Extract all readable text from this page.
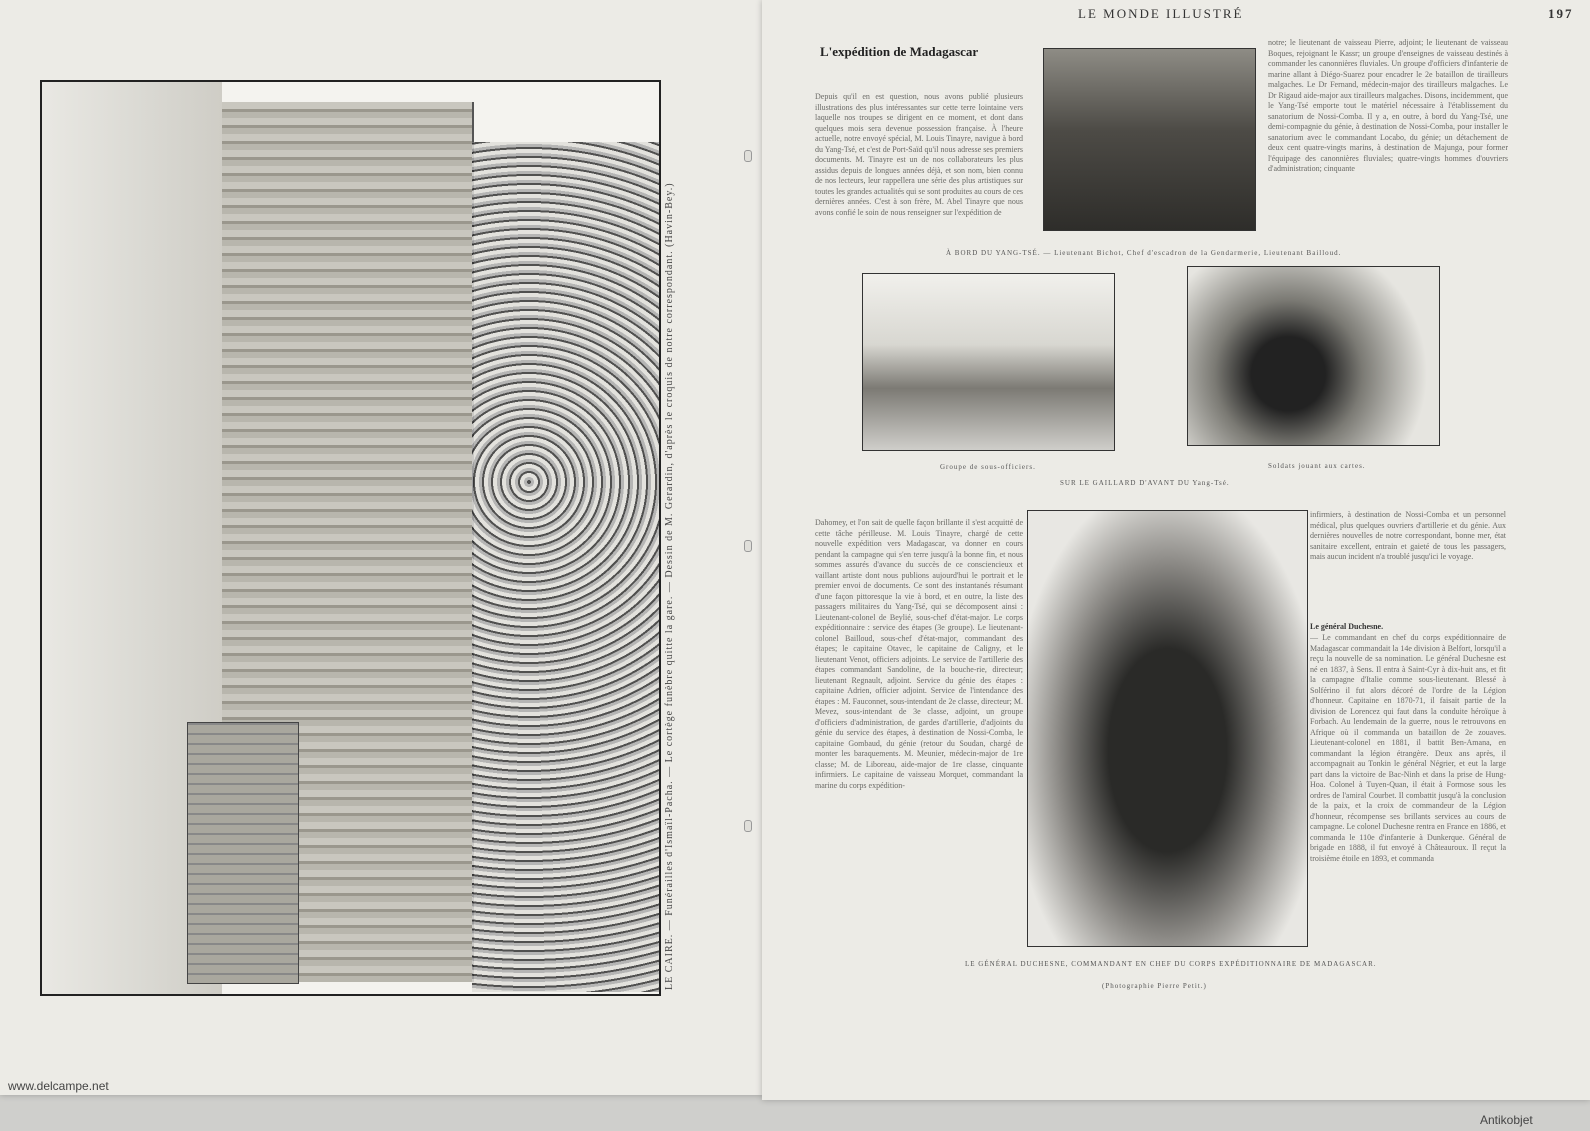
LE CAIRE. — Funérailles d'Ismaïl-Pacha. — Le cortège funèbre quitte la gare. — Dessin de M. Gerardin, d'après le croquis de notre correspondant. (Havin-Bey.)
www.delcampe.net
LE MONDE ILLUSTRÉ	197
L'expédition de Madagascar
Depuis qu'il en est question, nous avons publié plusieurs illustrations des plus intéressantes sur cette terre lointaine vers laquelle nos troupes se dirigent en ce moment, et dont dans quelques mois sera devenue possession française. À l'heure actuelle, notre envoyé spécial, M. Louis Tinayre, navigue à bord du Yang-Tsé, et c'est de Port-Saïd qu'il nous adresse ses premiers documents. M. Tinayre est un de nos collaborateurs les plus assidus depuis de longues années déjà, et son nom, bien connu de nos lecteurs, leur rappellera une série des plus artistiques sur toutes les grandes actualités qui se sont produites au cours de ces dernières années. C'est à son frère, M. Abel Tinayre que nous avons confié le soin de nous renseigner sur l'expédition de
notre; le lieutenant de vaisseau Pierre, adjoint; le lieutenant de vaisseau Boques, rejoignant le Kassr; un groupe d'enseignes de vaisseau destinés à commander les canonnières fluviales. Un groupe d'officiers d'infanterie de marine allant à Diégo-Suarez pour encadrer le 2e bataillon de tirailleurs malgaches. Le Dr Fernand, médecin-major des tirailleurs malgaches. Le Dr Rigaud aide-major aux tirailleurs malgaches. Disons, incidemment, que le Yang-Tsé emporte tout le matériel nécessaire à l'établissement du sanatorium de Nossi-Comba. Il y a, en outre, à bord du Yang-Tsé, une demi-compagnie du génie, à destination de Nossi-Comba, pour installer le sanatorium avec le commandant Locabo, du génie; un détachement de deux cent quatre-vingts marins, à destination de Majunga, pour former l'équipage des canonnières fluviales; quatre-vingts hommes d'ouvriers d'administration; cinquante
À BORD DU YANG-TSÉ. — Lieutenant Bichot, Chef d'escadron de la Gendarmerie, Lieutenant Bailloud.
Groupe de sous-officiers.	Soldats jouant aux cartes.
SUR LE GAILLARD D'AVANT DU Yang-Tsé.
Dahomey, et l'on sait de quelle façon brillante il s'est acquitté de cette tâche périlleuse. M. Louis Tinayre, chargé de cette nouvelle expédition vers Madagascar, va donner en cours pendant la campagne qui s'en terre jusqu'à la bonne fin, et nous sommes assurés d'avance du succès de ce consciencieux et vaillant artiste dont nous publions aujourd'hui le portrait et le premier envoi de documents. Ce sont des instantanés résumant d'une façon pittoresque la vie à bord, et en outre, la liste des passagers militaires du Yang-Tsé, qui se décomposent ainsi : Lieutenant-colonel de Beylié, sous-chef d'état-major. Le corps expéditionnaire : service des étapes (3e groupe). Le lieutenant-colonel Bailloud, sous-chef d'état-major, commandant des étapes; le capitaine Otavec, le capitaine de Caligny, et le lieutenant Venot, officiers adjoints. Le service de l'artillerie des étapes commandant Sandoline, de la bouche-rie, directeur; lieutenant Regnault, adjoint. Service du génie des étapes : capitaine Adrien, officier adjoint. Service de l'intendance des étapes : M. Fauconnet, sous-intendant de 2e classe, directeur; M. Mevez, sous-intendant de 3e classe, adjoint, un groupe d'officiers d'administration, de gardes d'artillerie, d'adjoints du génie du service des étapes, à destination de Nossi-Comba, le capitaine Gombaud, du génie (retour du Soudan, chargé de monter les baraquements. M. Meunier, médecin-major de 1re classe; M. de Liboreau, aide-major de 1re classe, cinquante infirmiers. Le capitaine de vaisseau Morquet, commandant la marine du corps expédition-
infirmiers, à destination de Nossi-Comba et un personnel médical, plus quelques ouvriers d'artillerie et du génie. Aux dernières nouvelles de notre correspondant, bonne mer, état sanitaire excellent, entrain et gaieté de tous les passagers, mais aucun incident n'a troublé jusqu'ici le voyage.
Le général Duchesne.
— Le commandant en chef du corps expéditionnaire de Madagascar commandait la 14e division à Belfort, lorsqu'il a reçu la nouvelle de sa nomination. Le général Duchesne est né en 1837, à Sens. Il entra à Saint-Cyr à dix-huit ans, et fit la campagne d'Italie comme sous-lieutenant. Blessé à Solférino il fut alors décoré de l'ordre de la Légion d'honneur. Capitaine en 1870-71, il faisait partie de la division de Lorencez qui faut dans la conduite héroïque à Forbach. Au lendemain de la guerre, nous le retrouvons en Afrique où il commanda un bataillon de 2e zouaves. Lieutenant-colonel en 1881, il battit Ben-Amana, en commandant la légion étrangère. Deux ans après, il accompagnait au Tonkin le général Négrier, et eut la large part dans la victoire de Bac-Ninh et dans la prise de Hung-Hoa. Colonel à Tuyen-Quan, il était à Formose sous les ordres de l'amiral Courbet. Il combattit jusqu'à la conclusion de la paix, et la croix de commandeur de la Légion d'honneur, récompense ses brillants services au cours de campagne. Le colonel Duchesne rentra en France en 1886, et commanda le 110e d'infanterie à Dunkerque. Général de brigade en 1888, il fut envoyé à Châteauroux. Il reçut la troisième étoile en 1893, et commanda
LE GÉNÉRAL DUCHESNE, COMMANDANT EN CHEF DU CORPS EXPÉDITIONNAIRE DE MADAGASCAR.
(Photographie Pierre Petit.)
Antikobjet
